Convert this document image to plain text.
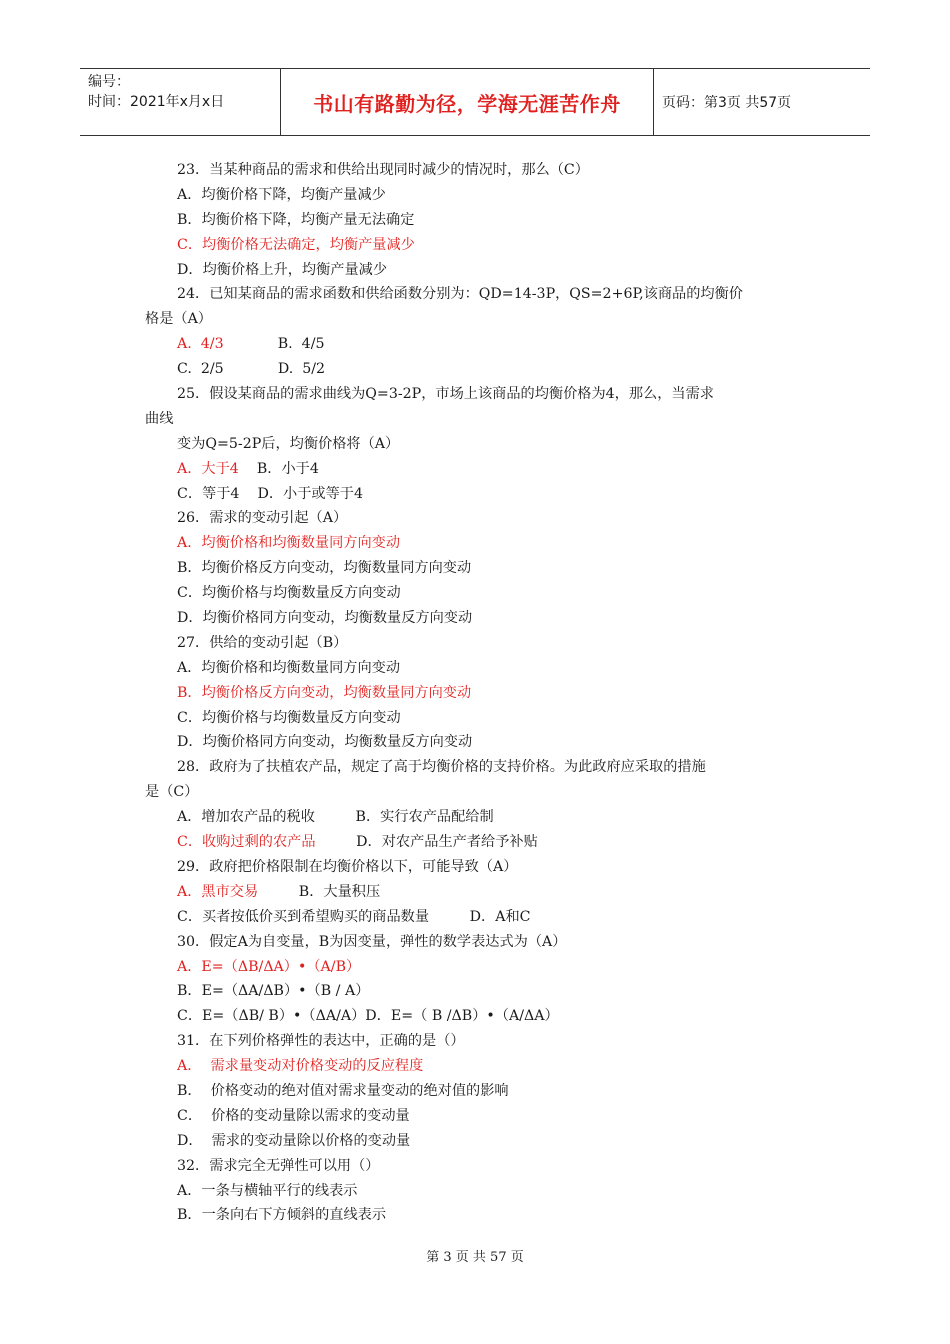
编号：
时间：2021年x月x日	书山有路勤为径，学海无涯苦作舟	页码：第3页 共57页
23．当某种商品的需求和供给出现同时减少的情况时，那么（C）
A．均衡价格下降，均衡产量减少
B．均衡价格下降，均衡产量无法确定
C．均衡价格无法确定，均衡产量减少
D．均衡价格上升，均衡产量减少
24．已知某商品的需求函数和供给函数分别为：QD=14-3P，QS=2+6P,该商品的均衡价
格是（A）
A.  4/3            B.  4/5
C.  2/5            D.  5/2
25．假设某商品的需求曲线为Q=3-2P，市场上该商品的均衡价格为4，那么，当需求
曲线
变为Q=5-2P后，均衡价格将（A）
A．大于4    B．小于4
C．等于4    D．小于或等于4
26．需求的变动引起（A）
A．均衡价格和均衡数量同方向变动
B．均衡价格反方向变动，均衡数量同方向变动
C．均衡价格与均衡数量反方向变动
D．均衡价格同方向变动，均衡数量反方向变动
27．供给的变动引起（B）
A．均衡价格和均衡数量同方向变动
B．均衡价格反方向变动，均衡数量同方向变动
C．均衡价格与均衡数量反方向变动
D．均衡价格同方向变动，均衡数量反方向变动
28．政府为了扶植农产品，规定了高于均衡价格的支持价格。为此政府应采取的措施
是（C）
A．增加农产品的税收         B．实行农产品配给制
C．收购过剩的农产品         D．对农产品生产者给予补贴
29．政府把价格限制在均衡价格以下，可能导致（A）
A．黑市交易         B．大量积压
C．买者按低价买到希望购买的商品数量         D．A和C
30．假定A为自变量，B为因变量，弹性的数学表达式为（A）
A．E=（ΔB/ΔA）•（A/B）
B．E=（ΔA/ΔB）•（B / A）
C．E=（ΔB/ B）•（ΔA/A）D．E=（ B /ΔB）•（A/ΔA）
31．在下列价格弹性的表达中，正确的是（）
A．  需求量变动对价格变动的反应程度
B．  价格变动的绝对值对需求量变动的绝对值的影响
C．  价格的变动量除以需求的变动量
D．  需求的变动量除以价格的变动量
32．需求完全无弹性可以用（）
A．一条与横轴平行的线表示
B．一条向右下方倾斜的直线表示
第 3 页 共 57 页
